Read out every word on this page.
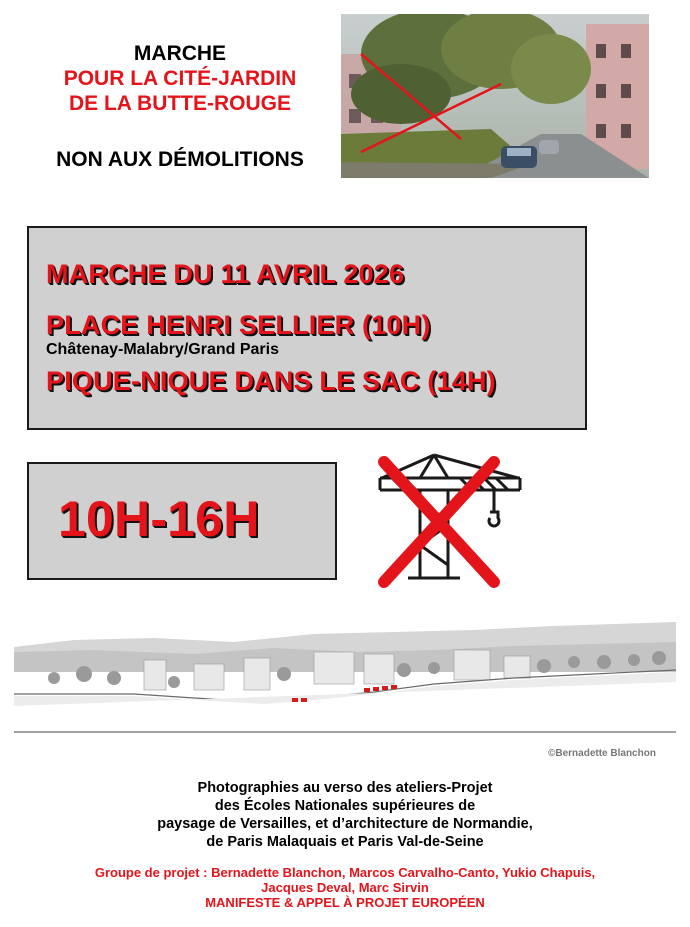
MARCHE
POUR LA CITÉ-JARDIN
DE LA BUTTE-ROUGE
NON AUX DÉMOLITIONS
MARCHE DU 11 AVRIL 2026
PLACE HENRI SELLIER (10H)
Châtenay-Malabry/Grand Paris
PIQUE-NIQUE DANS LE SAC (14H)
10H-16H
©Bernadette Blanchon
Photographies au verso des ateliers-Projet
des Écoles Nationales supérieures de
paysage de Versailles, et d’architecture de Normandie,
de Paris Malaquais et Paris Val-de-Seine
Groupe de projet : Bernadette Blanchon, Marcos Carvalho-Canto, Yukio Chapuis,
Jacques Deval, Marc Sirvin
MANIFESTE & APPEL À PROJET EUROPÉEN
